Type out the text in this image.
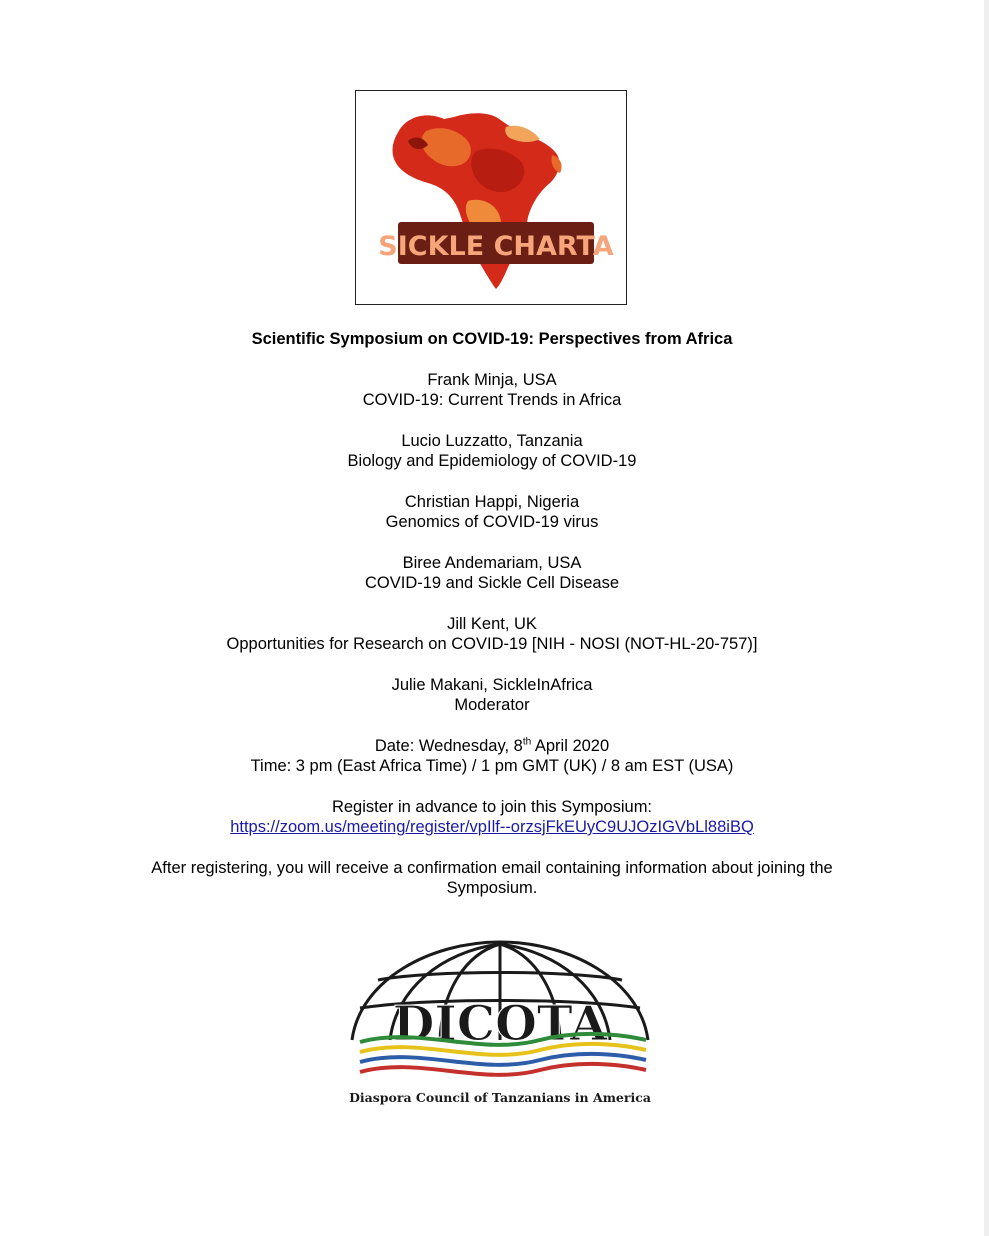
SICKLE CHARTA
Scientific Symposium on COVID-19: Perspectives from Africa
Frank Minja, USA
COVID-19: Current Trends in Africa
Lucio Luzzatto, Tanzania
Biology and Epidemiology of COVID-19
Christian Happi, Nigeria
Genomics of COVID-19 virus
Biree Andemariam, USA
COVID-19 and Sickle Cell Disease
Jill Kent, UK
Opportunities for Research on COVID-19 [NIH - NOSI (NOT-HL-20-757)]
Julie Makani, SickleInAfrica
Moderator
Date: Wednesday, 8th April 2020
Time: 3 pm (East Africa Time) / 1 pm GMT (UK) / 8 am EST (USA)
Register in advance to join this Symposium:
https://zoom.us/meeting/register/vpIlf--orzsjFkEUyC9UJOzIGVbLl88iBQ
After registering, you will receive a confirmation email containing information about joining the
Symposium.
DICOTA
Diaspora Council of Tanzanians in America
